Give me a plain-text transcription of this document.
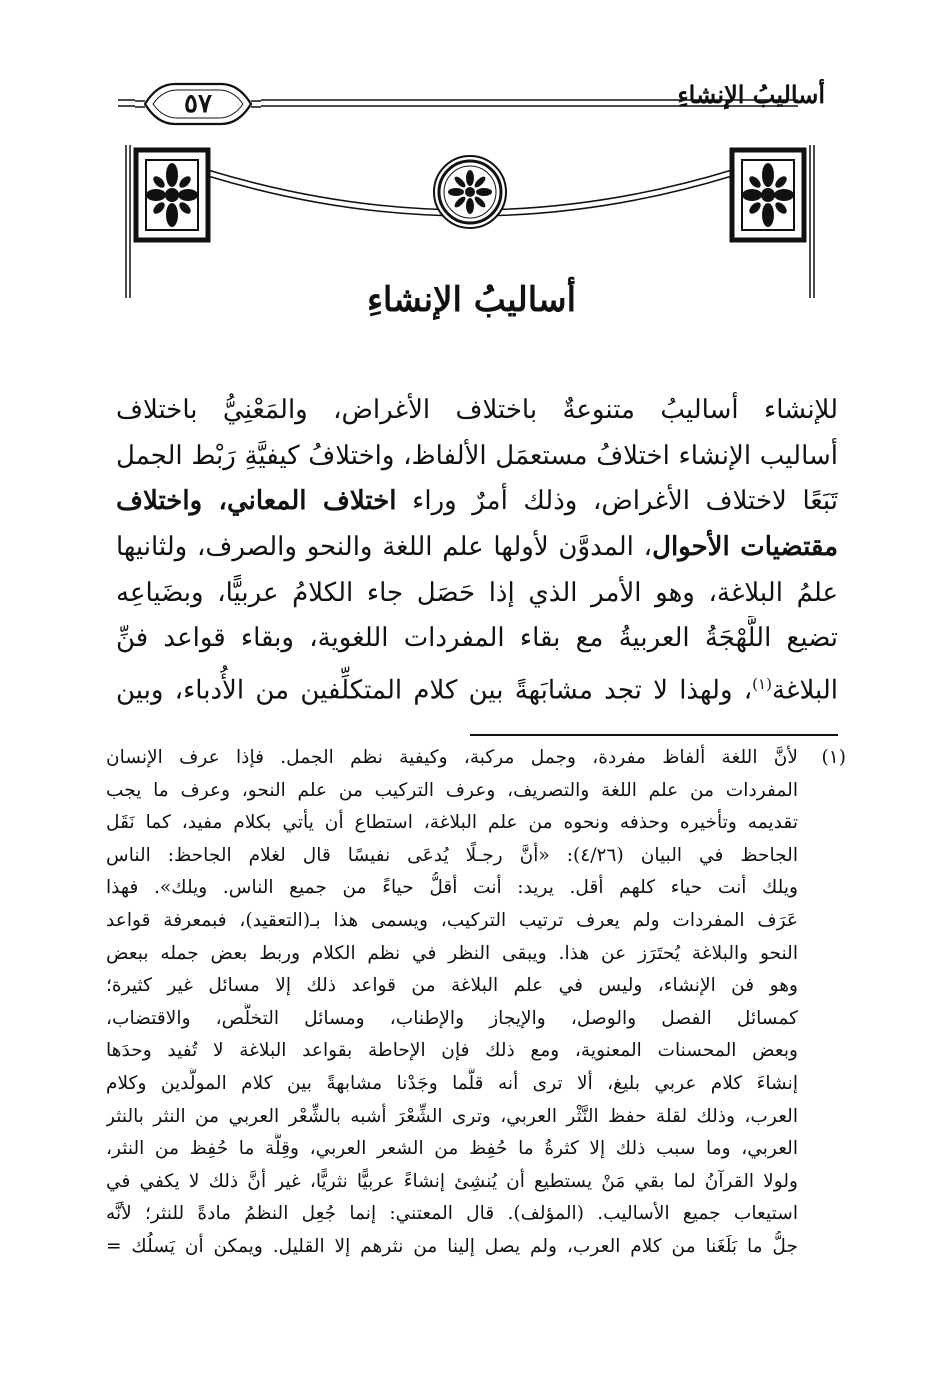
أساليبُ الإنشاءِ
٥٧
أساليبُ الإنشاءِ
للإنشاء أساليبُ متنوعةٌ باختلاف الأغراض، والمَعْنِيُّ باختلاف
أساليب الإنشاء اختلافُ مستعمَل الألفاظ، واختلافُ كيفيَّةِ رَبْط الجمل
تَبَعًا لاختلاف الأغراض، وذلك أمرٌ وراء اختلاف المعاني، واختلاف
مقتضيات الأحوال، المدوَّن لأولها علم اللغة والنحو والصرف، ولثانيها
علمُ البلاغة، وهو الأمر الذي إذا حَصَل جاء الكلامُ عربيًّا، وبضَياعِه
تضيع اللَّهْجَةُ العربيةُ مع بقاء المفردات اللغوية، وبقاء قواعد فنِّ
البلاغة$^{(١)}$، ولهذا لا تجد مشابَهةً بين كلام المتكلِّفين من الأُدباء، وبين
(١)لأنَّ اللغة ألفاظ مفردة، وجمل مركبة، وكيفية نظم الجمل. فإذا عرف الإنسان
المفردات من علم اللغة والتصريف، وعرف التركيب من علم النحو، وعرف ما يجب
تقديمه وتأخيره وحذفه ونحوه من علم البلاغة، استطاع أن يأتي بكلام مفيد، كما نَقَل
الجاحظ في البيان (٤/٢٦): «أنَّ رجـلًا يُدعَى نفيسًا قال لغلام الجاحظ: الناس
ويلك أنت حياء كلهم أقل. يريد: أنت أقلُّ حياءً من جميع الناس. ويلك». فهذا
عَرَف المفردات ولم يعرف ترتيب التركيب، ويسمى هذا بـ(التعقيد)، فبمعرفة قواعد
النحو والبلاغة يُحتَرَز عن هذا. ويبقى النظر في نظم الكلام وربط بعض جمله ببعض
وهو فن الإنشاء، وليس في علم البلاغة من قواعد ذلك إلا مسائل غير كثيرة؛
كمسائل الفصل والوصل، والإيجاز والإطناب، ومسائل التخلُّص، والاقتضاب،
وبعض المحسنات المعنوية، ومع ذلك فإن الإحاطة بقواعد البلاغة لا تُفيد وحدَها
إنشاءَ كلام عربي بليغ، ألا ترى أنه قلَّما وجَدْنا مشابهةً بين كلام المولَّدين وكلام
العرب، وذلك لقلة حفظ النَّثْر العربي، وترى الشِّعْرَ أشبه بالشِّعْر العربي من النثر بالنثر
العربي، وما سبب ذلك إلا كثرةُ ما حُفِظ من الشعر العربي، وقِلَّة ما حُفِظ من النثر،
ولولا القرآنُ لما بقي مَنْ يستطيع أن يُنشِئ إنشاءً عربيًّا نثريًّا، غير أنَّ ذلك لا يكفي في
استيعاب جميع الأساليب. (المؤلف). قال المعتني: إنما جُعِل النظمُ مادةً للنثر؛ لأنَّه
جلُّ ما بَلَغَنا من كلام العرب، ولم يصل إلينا من نثرهم إلا القليل. ويمكن أن يَسلُك =
